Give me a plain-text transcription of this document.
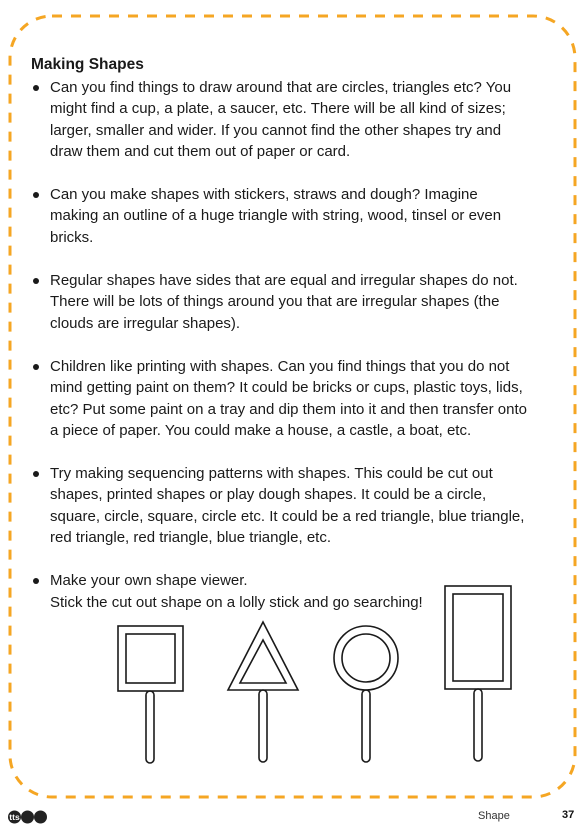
Making Shapes
Can you find things to draw around that are circles, triangles etc? You
might find a cup, a plate, a saucer, etc. There will be all kind of sizes;
larger, smaller and wider. If you cannot find the other shapes try and
draw them and cut them out of paper or card.
Can you make shapes with stickers, straws and dough? Imagine
making an outline of a huge triangle with string, wood, tinsel or even
bricks.
Regular shapes have sides that are equal and irregular shapes do not.
There will be lots of things around you that are irregular shapes (the
clouds are irregular shapes).
Children like printing with shapes. Can you find things that you do not
mind getting paint on them? It could be bricks or cups, plastic toys, lids,
etc? Put some paint on a tray and dip them into it and then transfer onto
a piece of paper. You could make a house, a castle, a boat, etc.
Try making sequencing patterns with shapes. This could be cut out
shapes, printed shapes or play dough shapes. It could be a circle,
square, circle, square, circle etc. It could be a red triangle, blue triangle,
red triangle, red triangle, blue triangle, etc.
Make your own shape viewer.
Stick the cut out shape on a lolly stick and go searching!
tts	Shape	37
